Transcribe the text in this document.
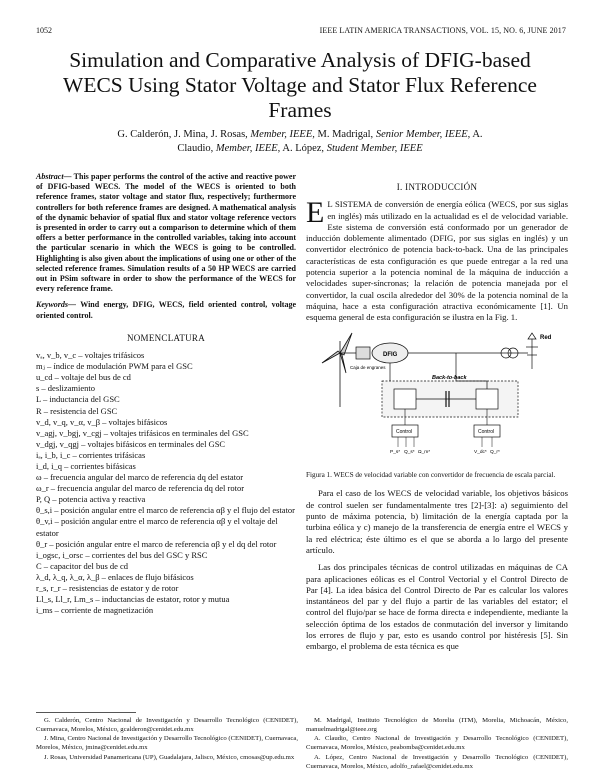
1052	IEEE LATIN AMERICA TRANSACTIONS, VOL. 15, NO. 6, JUNE 2017
Simulation and Comparative Analysis of DFIG-based WECS Using Stator Voltage and Stator Flux Reference Frames
G. Calderón, J. Mina, J. Rosas, Member, IEEE, M. Madrigal, Senior Member, IEEE, A.
Claudio, Member, IEEE, A. López, Student Member, IEEE
Abstract— This paper performs the control of the active and reactive power of DFIG-based WECS. The model of the WECS is oriented to both reference frames, stator voltage and stator flux, respectively; furthermore controllers for both reference frames are designed. A mathematical analysis of the dynamic behavior of spatial flux and stator voltage reference vectors is presented in order to carry out a comparison to determine which of them offers a better performance in the controlled variables, taking into account the particular scenario in which the WECS is going to be controlled. Highlighting is also given about the implications of using one or other of the selected reference frames. Simulation results of a 50 HP WECS are carried out in PSim software in order to show the performance of the WECS for every reference frame.
Keywords— Wind energy, DFIG, WECS, field oriented control, voltage oriented control.
NOMENCLATURA

vₐ, v_b, v_c – voltajes trifásicos

mⱼ – índice de modulación PWM para el GSC

u_cd – voltaje del bus de cd

s – deslizamiento

L – inductancia del GSC

R – resistencia del GSC

v_d, v_q, v_α, v_β – voltajes bifásicos

v_agj, v_bgj, v_cgj – voltajes trifásicos en terminales del GSC

v_dgj, v_qgj – voltajes bifásicos en terminales del GSC

iₐ, i_b, i_c – corrientes trifásicas

i_d, i_q – corrientes bifásicas

ω – frecuencia angular del marco de referencia dq del estator

ω_r – frecuencia angular del marco de referencia dq del rotor

P, Q – potencia activa y reactiva

θ_s,i – posición angular entre el marco de referencia αβ y el flujo del estator

θ_v,i – posición angular entre el marco de referencia αβ y el voltaje del estator

θ_r – posición angular entre el marco de referencia αβ y el dq del rotor

i_ogsc, i_orsc – corrientes del bus del GSC y RSC

C – capacitor del bus de cd

λ_d, λ_q, λ_α, λ_β – enlaces de flujo bifásicos

r_s, r_r – resistencias de estator y de rotor

Ll_s, Ll_r, Lm_s – inductancias de estator, rotor y mutua

i_ms – corriente de magnetización

I. INTRODUCCIÓN

E L SISTEMA de conversión de energía eólica (WECS, por sus siglas en inglés) más utilizado en la actualidad es el de velocidad variable. Este sistema de conversión está conformado por un generador de inducción doblemente alimentado (DFIG, por sus siglas en inglés) y un convertidor electrónico de potencia back-to-back. Una de las principales características de esta configuración es que puede entregar a la red una potencia superior a la potencia nominal de la máquina de inducción a velocidades super-síncronas; la relación de potencia manejada por el convertidor, la cual oscila alrededor del 30% de la potencia nominal de la máquina, hace a esta configuración atractiva económicamente [1]. Un esquema general de esta configuración se ilustra en la Fig. 1.

Caja de engranes
DFIG
Red
Back-to-back
Control	Control
P_s* Q_s* Ω_m*	V_dc* Q_r*
Figura 1. WECS de velocidad variable con convertidor de frecuencia de escala parcial.

Para el caso de los WECS de velocidad variable, los objetivos básicos de control suelen ser fundamentalmente tres [2]-[3]: a) seguimiento del punto de máxima potencia, b) limitación de la energía captada por la turbina eólica y c) manejo de la transferencia de energía entre el WECS y la red eléctrica; éste último es el que se aborda a lo largo del presente artículo.

Las dos principales técnicas de control utilizadas en máquinas de CA para aplicaciones eólicas es el Control Vectorial y el Control Directo de Par [4]. La idea básica del Control Directo de Par es calcular los valores instantáneos del par y del flujo a partir de las variables del estator; el control del flujo/par se hace de forma directa e independiente, mediante la selección óptima de los estados de conmutación del inversor y limitando los errores de flujo y par, esto es usando control por histéresis [5]. Sin embargo, el problema de esta técnica es que

G. Calderón, Centro Nacional de Investigación y Desarrollo Tecnológico (CENIDET), Cuernavaca, Morelos, México, gcalderon@cenidet.edu.mx

J. Mina, Centro Nacional de Investigación y Desarrollo Tecnológico (CENIDET), Cuernavaca, Morelos, México, jmina@cenidet.edu.mx

J. Rosas, Universidad Panamericana (UP), Guadalajara, Jalisco, México, cmosas@up.edu.mx

M. Madrigal, Instituto Tecnológico de Morelia (ITM), Morelia, Michoacán, México, manuelmadrigal@ieee.org

A. Claudio, Centro Nacional de Investigación y Desarrollo Tecnológico (CENIDET), Cuernavaca, Morelos, México, peabomba@cenidet.edu.mx

A. López, Centro Nacional de Investigación y Desarrollo Tecnológico (CENIDET), Cuernavaca, Morelos, México, adolfo_rafael@cenidet.edu.mx
